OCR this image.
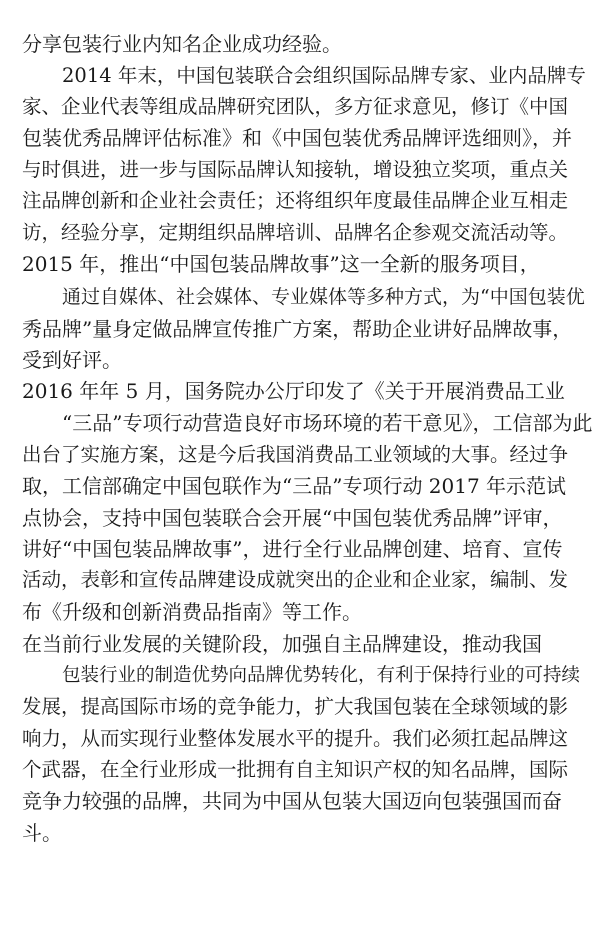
分享包装行业内知名企业成功经验。

2014 年末，中国包装联合会组织国际品牌专家、业内品牌专

家、企业代表等组成品牌研究团队，多方征求意见，修订《中国

包装优秀品牌评估标准》和《中国包装优秀品牌评选细则》，并

与时俱进，进一步与国际品牌认知接轨，增设独立奖项，重点关

注品牌创新和企业社会责任；还将组织年度最佳品牌企业互相走

访，经验分享，定期组织品牌培训、品牌名企参观交流活动等。

2015 年，推出“中国包装品牌故事”这一全新的服务项目，

通过自媒体、社会媒体、专业媒体等多种方式，为“中国包装优

秀品牌”量身定做品牌宣传推广方案，帮助企业讲好品牌故事，

受到好评。

2016 年年 5 月，国务院办公厅印发了《关于开展消费品工业

“三品”专项行动营造良好市场环境的若干意见》，工信部为此

出台了实施方案，这是今后我国消费品工业领域的大事。经过争

取，工信部确定中国包联作为“三品”专项行动 2017 年示范试

点协会，支持中国包装联合会开展“中国包装优秀品牌”评审，

讲好“中国包装品牌故事”，进行全行业品牌创建、培育、宣传

活动，表彰和宣传品牌建设成就突出的企业和企业家，编制、发

布《升级和创新消费品指南》等工作。

在当前行业发展的关键阶段，加强自主品牌建设，推动我国

包装行业的制造优势向品牌优势转化，有利于保持行业的可持续

发展，提高国际市场的竞争能力，扩大我国包装在全球领域的影

响力，从而实现行业整体发展水平的提升。我们必须扛起品牌这

个武器，在全行业形成一批拥有自主知识产权的知名品牌，国际

竞争力较强的品牌，共同为中国从包装大国迈向包装强国而奋

斗。
